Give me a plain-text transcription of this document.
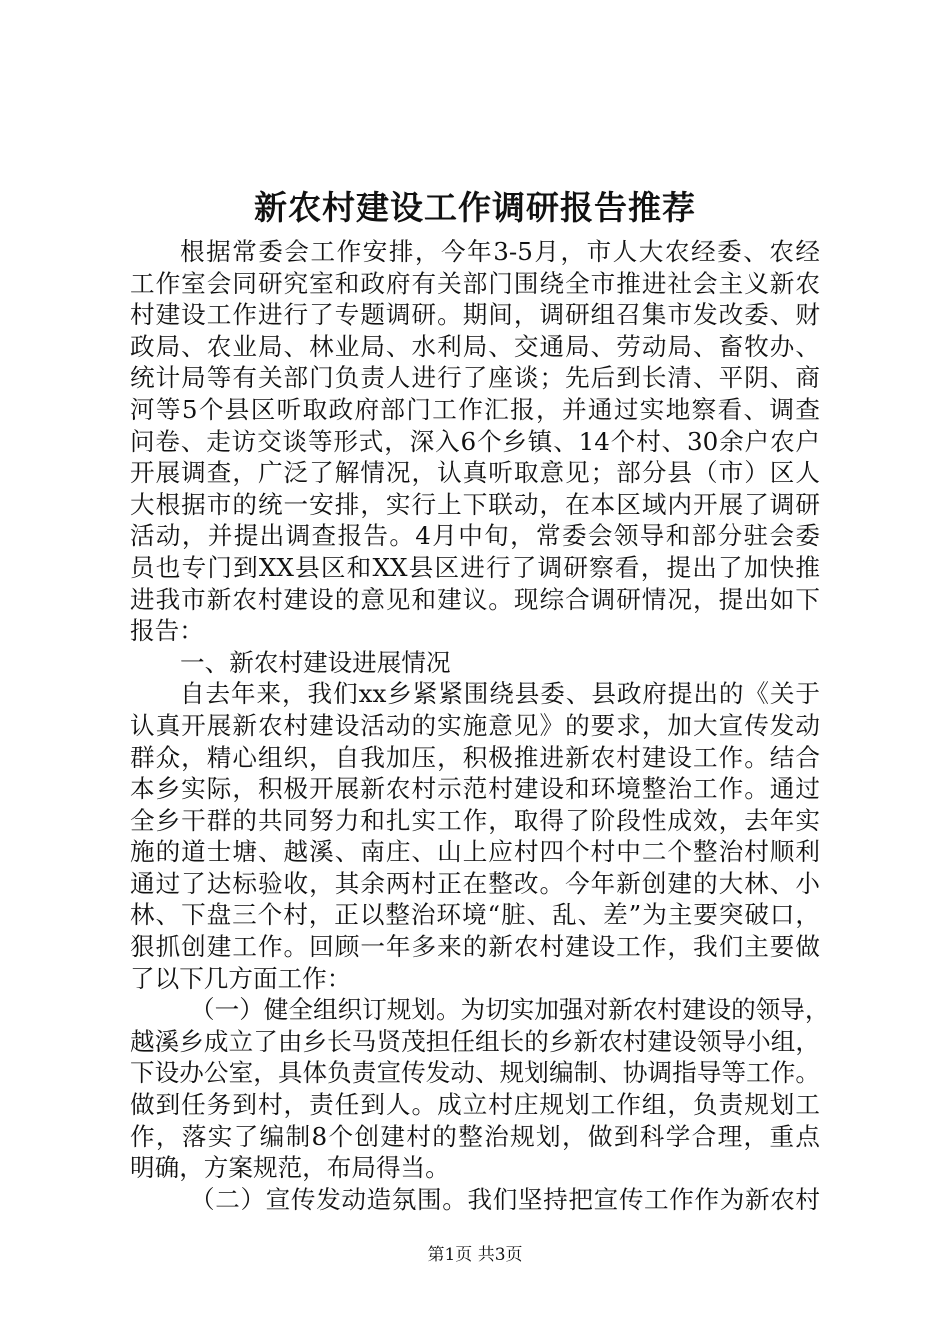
新农村建设工作调研报告推荐
根据常委会工作安排，今年3-5月，市人大农经委、农经
工作室会同研究室和政府有关部门围绕全市推进社会主义新农
村建设工作进行了专题调研。期间，调研组召集市发改委、财
政局、农业局、林业局、水利局、交通局、劳动局、畜牧办、
统计局等有关部门负责人进行了座谈；先后到长清、平阴、商
河等5个县区听取政府部门工作汇报，并通过实地察看、调查
问卷、走访交谈等形式，深入6个乡镇、14个村、30余户农户
开展调查，广泛了解情况，认真听取意见；部分县（市）区人
大根据市的统一安排，实行上下联动，在本区域内开展了调研
活动，并提出调查报告。4月中旬，常委会领导和部分驻会委
员也专门到XX县区和XX县区进行了调研察看，提出了加快推
进我市新农村建设的意见和建议。现综合调研情况，提出如下
报告：
一、新农村建设进展情况
自去年来，我们xx乡紧紧围绕县委、县政府提出的《关于
认真开展新农村建设活动的实施意见》的要求，加大宣传发动
群众，精心组织，自我加压，积极推进新农村建设工作。结合
本乡实际，积极开展新农村示范村建设和环境整治工作。通过
全乡干群的共同努力和扎实工作，取得了阶段性成效，去年实
施的道士塘、越溪、南庄、山上应村四个村中二个整治村顺利
通过了达标验收，其余两村正在整改。今年新创建的大林、小
林、下盘三个村，正以整治环境“脏、乱、差”为主要突破口，
狠抓创建工作。回顾一年多来的新农村建设工作，我们主要做
了以下几方面工作：
（一）健全组织订规划。为切实加强对新农村建设的领导，
越溪乡成立了由乡长马贤茂担任组长的乡新农村建设领导小组，
下设办公室，具体负责宣传发动、规划编制、协调指导等工作。
做到任务到村，责任到人。成立村庄规划工作组，负责规划工
作，落实了编制8个创建村的整治规划，做到科学合理，重点
明确，方案规范，布局得当。
（二）宣传发动造氛围。我们坚持把宣传工作作为新农村
第1页 共3页
